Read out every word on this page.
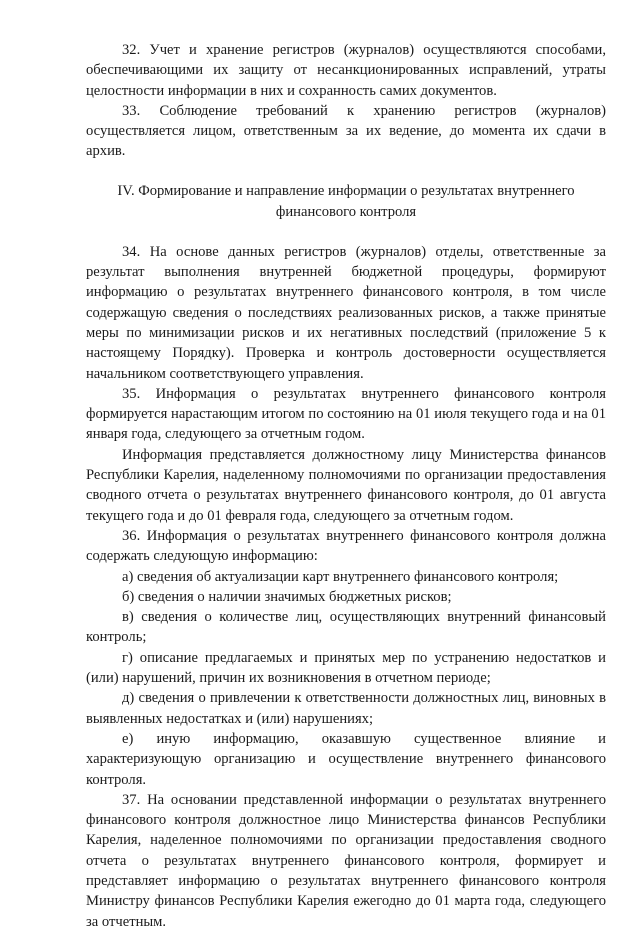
32. Учет и хранение регистров (журналов) осуществляются способами, обеспечивающими их защиту от несанкционированных исправлений, утраты целостности информации в них и сохранность самих документов.

33. Соблюдение требований к хранению регистров (журналов) осуществляется лицом, ответственным за их ведение, до момента их сдачи в архив.

IV. Формирование и направление информации о результатах внутреннего
финансового контроля

34. На основе данных регистров (журналов) отделы, ответственные за результат выполнения внутренней бюджетной процедуры, формируют информацию о результатах внутреннего финансового контроля, в том числе содержащую сведения о последствиях реализованных рисков, а также принятые меры по минимизации рисков и их негативных последствий (приложение 5 к настоящему Порядку). Проверка и контроль достоверности осуществляется начальником соответствующего управления.

35. Информация о результатах внутреннего финансового контроля формируется нарастающим итогом по состоянию на 01 июля текущего года и на 01 января года, следующего за отчетным годом.

Информация представляется должностному лицу Министерства финансов Республики Карелия, наделенному полномочиями по организации предоставления сводного отчета о результатах внутреннего финансового контроля, до 01 августа текущего года и до 01 февраля года, следующего за отчетным годом.

36. Информация о результатах внутреннего финансового контроля должна содержать следующую информацию:

а) сведения об актуализации карт внутреннего финансового контроля;

б) сведения о наличии значимых бюджетных рисков;

в) сведения о количестве лиц, осуществляющих внутренний финансовый контроль;

г) описание предлагаемых и принятых мер по устранению недостатков и (или) нарушений, причин их возникновения в отчетном периоде;

д) сведения о привлечении к ответственности должностных лиц, виновных в выявленных недостатках и (или) нарушениях;

е) иную информацию, оказавшую существенное влияние и характеризующую организацию и осуществление внутреннего финансового контроля.

37. На основании представленной информации о результатах внутреннего финансового контроля должностное лицо Министерства финансов Республики Карелия, наделенное полномочиями по организации предоставления сводного отчета о результатах внутреннего финансового контроля, формирует и представляет информацию о результатах внутреннего финансового контроля Министру финансов Республики Карелия ежегодно до 01 марта года, следующего за отчетным.
